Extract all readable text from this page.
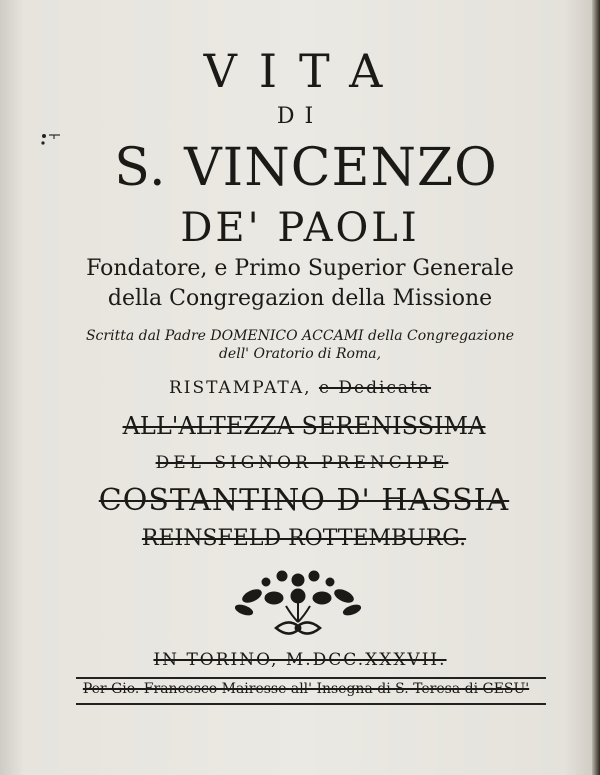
VITA
DI
S. VINCENZO
DE' PAOLI
Fondatore, e Primo Superior Generale
della Congregazion della Missione
Scritta dal Padre DOMENICO ACCAMI della Congregazione
dell' Oratorio di Roma,
RISTAMPATA, e Dedicata
ALL'ALTEZZA SERENISSIMA
DEL SIGNOR PRENCIPE
COSTANTINO D' HASSIA
REINSFELD ROTTEMBURG.
IN TORINO, M.DCC.XXXVII.
Per Gio. Francesco Mairesse all' Insegna di S. Teresa di GESU'
